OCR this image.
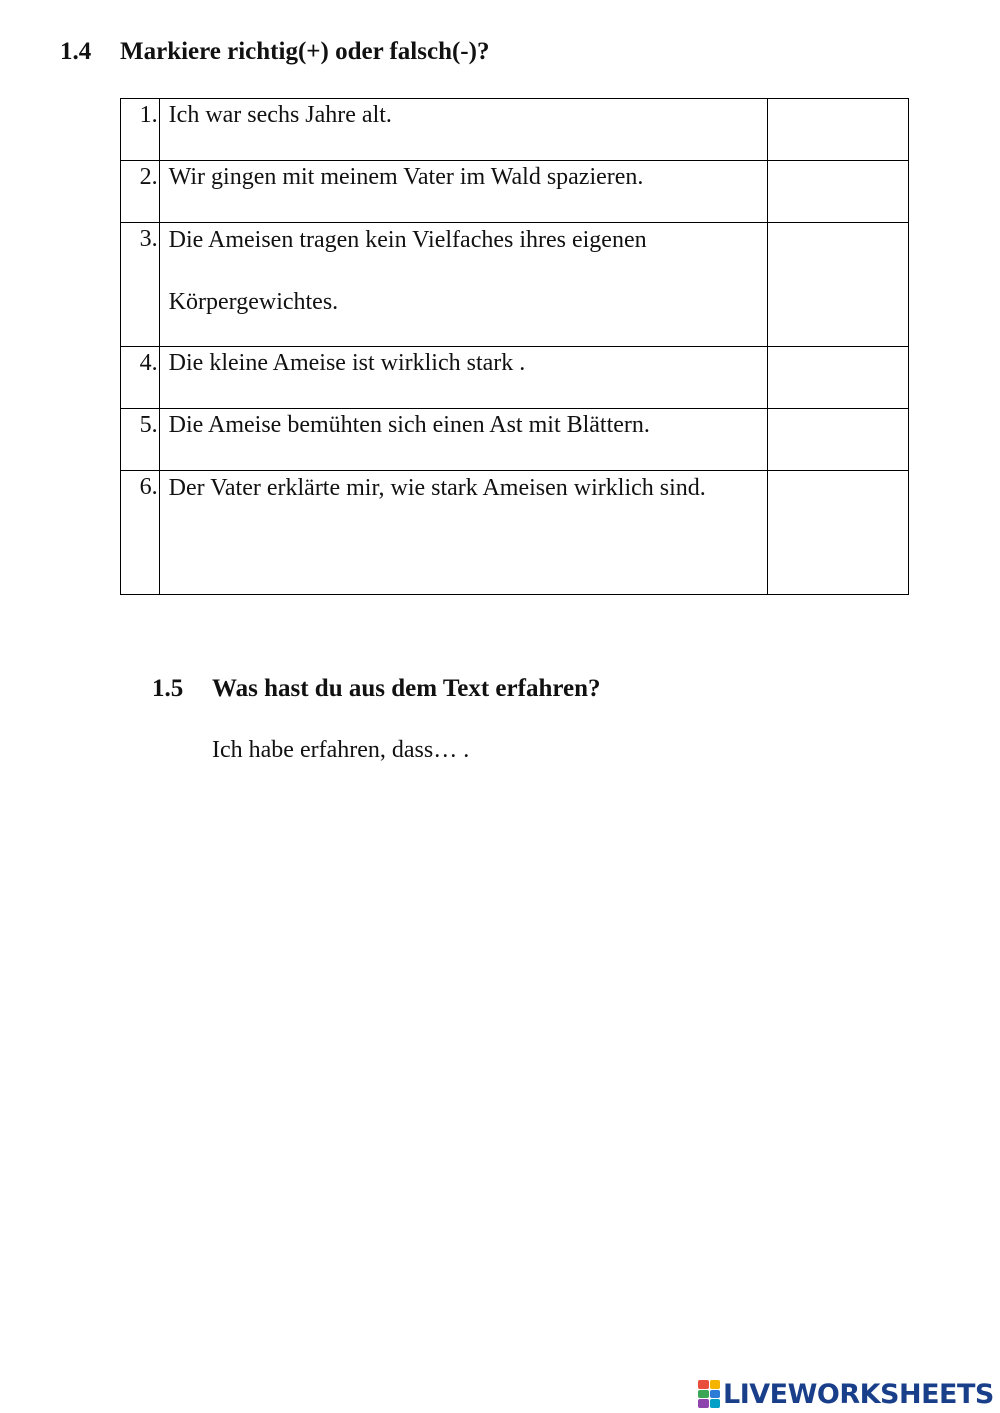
1.4 Markiere richtig(+) oder falsch(-)?
1.	Ich war sechs Jahre alt.	

2.	Wir gingen mit meinem Vater im Wald spazieren.	

3.	Die Ameisen tragen kein Vielfaches ihres eigenen Körpergewichtes.	

4.	Die kleine Ameise ist wirklich stark .	

5.	Die Ameise bemühten sich einen Ast mit Blättern.	

6.	Der Vater erklärte mir, wie stark Ameisen wirklich sind.	

1.5 Was hast du aus dem Text erfahren?
Ich habe erfahren, dass… .
LIVEWORKSHEETS
